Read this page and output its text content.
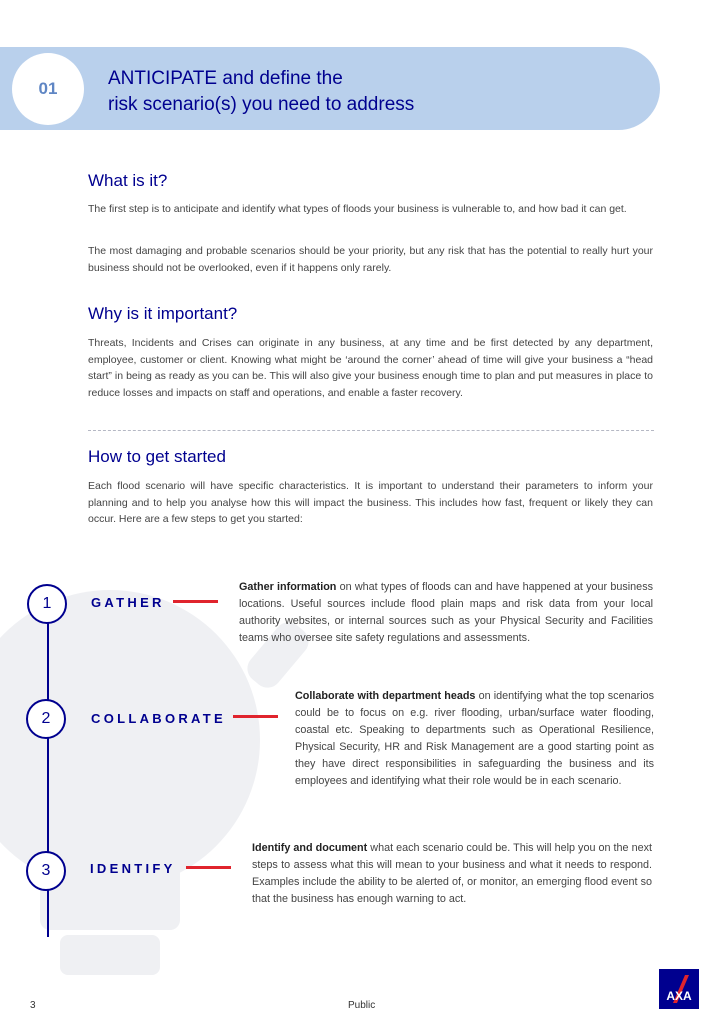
01	ANTICIPATE and define the
risk scenario(s) you need to address
What is it?

The first step is to anticipate and identify what types of floods your business is vulnerable to, and how bad it can get.

The most damaging and probable scenarios should be your priority, but any risk that has the potential to really hurt your business should not be overlooked, even if it happens only rarely.

Why is it important?

Threats, Incidents and Crises can originate in any business, at any time and be first detected by any department, employee, customer or client. Knowing what might be ‘around the corner’ ahead of time will give your business a “head start” in being as ready as you can be. This will also give your business enough time to plan and put measures in place to reduce losses and impacts on staff and operations, and enable a faster recovery.

How to get started

Each flood scenario will have specific characteristics. It is important to understand their parameters to inform your planning and to help you analyse how this will impact the business. This includes how fast, frequent or likely they can occur. Here are a few steps to get you started:

1	GATHER

Gather information on what types of floods can and have happened at your business locations. Useful sources include flood plain maps and risk data from your local authority websites, or internal sources such as your Physical Security and Facilities teams who oversee site safety regulations and assessments.

2	COLLABORATE

Collaborate with department heads on identifying what the top scenarios could be to focus on e.g. river flooding, urban/surface water flooding, coastal etc. Speaking to departments such as Operational Resilience, Physical Security, HR and Risk Management are a good starting point as they have direct responsibilities in safeguarding the business and its employees and identifying what their role would be in each scenario.

3	IDENTIFY

Identify and document what each scenario could be. This will help you on the next steps to assess what this will mean to your business and what it needs to respond. Examples include the ability to be alerted of, or monitor, an emerging flood event so that the business has enough warning to act.

3	Public
AXA
